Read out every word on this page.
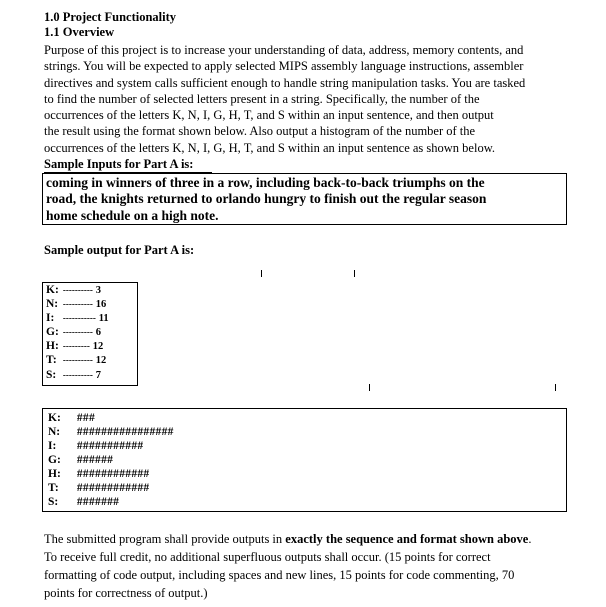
1.0 Project Functionality
1.1 Overview
Purpose of this project is to increase your understanding of data, address, memory contents, and
strings. You will be expected to apply selected MIPS assembly language instructions, assembler
directives and system calls sufficient enough to handle string manipulation tasks. You are tasked
to find the number of selected letters present in a string. Specifically, the number of the
occurrences of the letters K, N, I, G, H, T, and S within an input sentence, and then output
the result using the format shown below. Also output a histogram of the number of the
occurrences of the letters K, N, I, G, H, T, and S within an input sentence as shown below.
Sample Inputs for Part A is:
coming in winners of three in a row, including back-to-back triumphs on the
road, the knights returned to orlando hungry to finish out the regular season
home schedule on a high note.
Sample output for Part A is:
K: ---------- 3
N: ---------- 16
I: ----------- 11
G: ---------- 6
H: --------- 12
T: ---------- 12
S: ---------- 7
K: ###
N: ################
I: ###########
G: ######
H: ############
T: ############
S: #######
The submitted program shall provide outputs in exactly the sequence and format shown above.
To receive full credit, no additional superfluous outputs shall occur. (15 points for correct
formatting of code output, including spaces and new lines, 15 points for code commenting, 70
points for correctness of output.)
